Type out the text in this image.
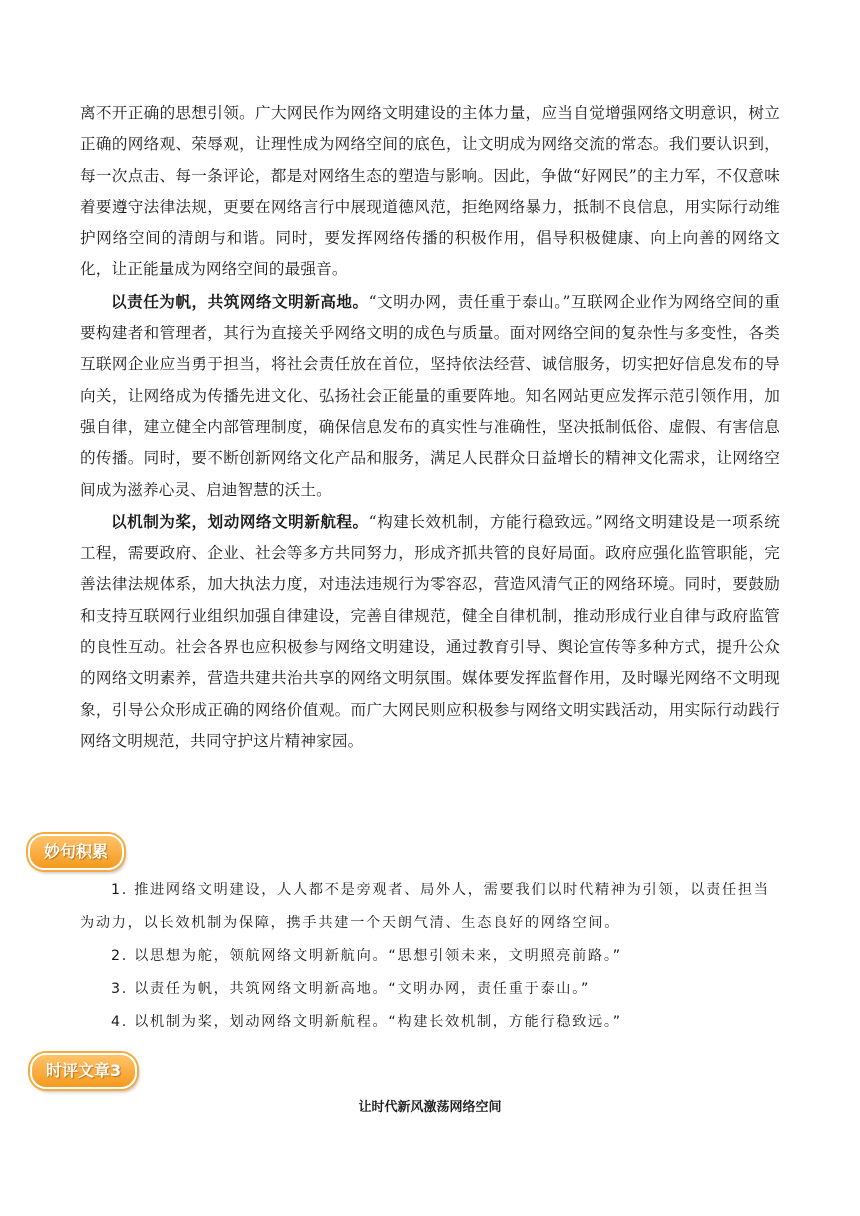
离不开正确的思想引领。广大网民作为网络文明建设的主体力量，应当自觉增强网络文明意识，树立正确的网络观、荣辱观，让理性成为网络空间的底色，让文明成为网络交流的常态。我们要认识到，每一次点击、每一条评论，都是对网络生态的塑造与影响。因此，争做“好网民”的主力军，不仅意味着要遵守法律法规，更要在网络言行中展现道德风范，拒绝网络暴力，抵制不良信息，用实际行动维护网络空间的清朗与和谐。同时，要发挥网络传播的积极作用，倡导积极健康、向上向善的网络文化，让正能量成为网络空间的最强音。

以责任为帆，共筑网络文明新高地。“文明办网，责任重于泰山。”互联网企业作为网络空间的重要构建者和管理者，其行为直接关乎网络文明的成色与质量。面对网络空间的复杂性与多变性，各类互联网企业应当勇于担当，将社会责任放在首位，坚持依法经营、诚信服务，切实把好信息发布的导向关，让网络成为传播先进文化、弘扬社会正能量的重要阵地。知名网站更应发挥示范引领作用，加强自律，建立健全内部管理制度，确保信息发布的真实性与准确性，坚决抵制低俗、虚假、有害信息的传播。同时，要不断创新网络文化产品和服务，满足人民群众日益增长的精神文化需求，让网络空间成为滋养心灵、启迪智慧的沃土。

以机制为桨，划动网络文明新航程。“构建长效机制，方能行稳致远。”网络文明建设是一项系统工程，需要政府、企业、社会等多方共同努力，形成齐抓共管的良好局面。政府应强化监管职能，完善法律法规体系，加大执法力度，对违法违规行为零容忍，营造风清气正的网络环境。同时，要鼓励和支持互联网行业组织加强自律建设，完善自律规范，健全自律机制，推动形成行业自律与政府监管的良性互动。社会各界也应积极参与网络文明建设，通过教育引导、舆论宣传等多种方式，提升公众的网络文明素养，营造共建共治共享的网络文明氛围。媒体要发挥监督作用，及时曝光网络不文明现象，引导公众形成正确的网络价值观。而广大网民则应积极参与网络文明实践活动，用实际行动践行网络文明规范，共同守护这片精神家园。

妙句积累

1. 推进网络文明建设，人人都不是旁观者、局外人，需要我们以时代精神为引领，以责任担当为动力，以长效机制为保障，携手共建一个天朗气清、生态良好的网络空间。

2. 以思想为舵，领航网络文明新航向。“思想引领未来，文明照亮前路。”

3. 以责任为帆，共筑网络文明新高地。“文明办网，责任重于泰山。”

4. 以机制为桨，划动网络文明新航程。“构建长效机制，方能行稳致远。”

时评文章3
让时代新风激荡网络空间
